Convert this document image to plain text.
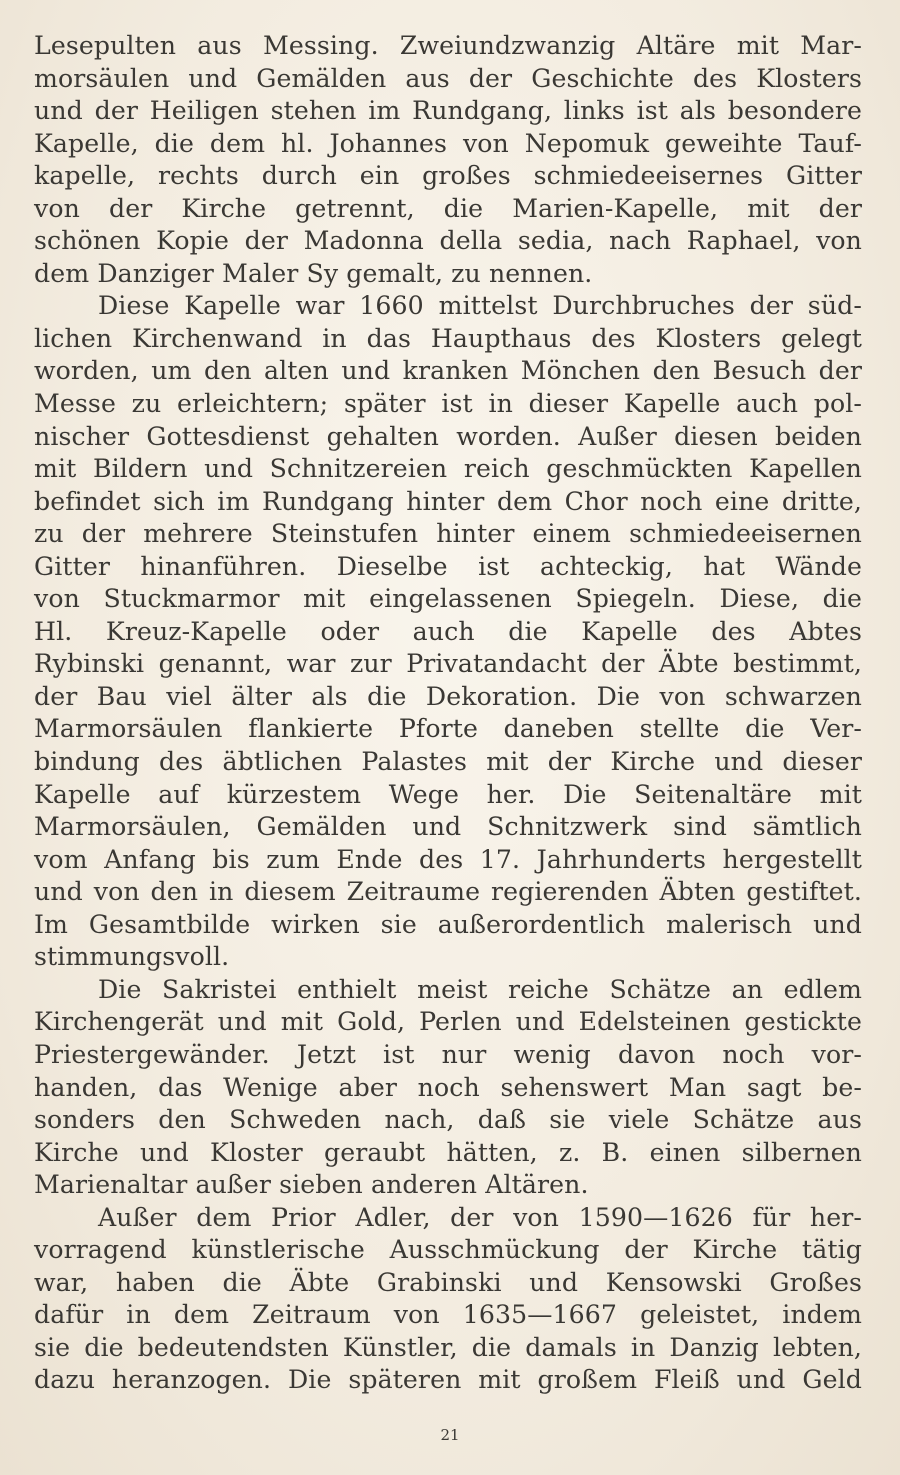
Lesepulten aus Messing. Zweiundzwanzig Altäre mit Mar-
morsäulen und Gemälden aus der Geschichte des Klosters
und der Heiligen stehen im Rundgang, links ist als besondere
Kapelle, die dem hl. Johannes von Nepomuk geweihte Tauf-
kapelle, rechts durch ein großes schmiedeeisernes Gitter
von der Kirche getrennt, die Marien-Kapelle, mit der
schönen Kopie der Madonna della sedia, nach Raphael, von
dem Danziger Maler Sy gemalt, zu nennen.
Diese Kapelle war 1660 mittelst Durchbruches der süd-
lichen Kirchenwand in das Haupthaus des Klosters gelegt
worden, um den alten und kranken Mönchen den Besuch der
Messe zu erleichtern; später ist in dieser Kapelle auch pol-
nischer Gottesdienst gehalten worden. Außer diesen beiden
mit Bildern und Schnitzereien reich geschmückten Kapellen
befindet sich im Rundgang hinter dem Chor noch eine dritte,
zu der mehrere Steinstufen hinter einem schmiedeeisernen
Gitter hinanführen. Dieselbe ist achteckig, hat Wände
von Stuckmarmor mit eingelassenen Spiegeln. Diese, die
Hl. Kreuz-Kapelle oder auch die Kapelle des Abtes
Rybinski genannt, war zur Privatandacht der Äbte bestimmt,
der Bau viel älter als die Dekoration. Die von schwarzen
Marmorsäulen flankierte Pforte daneben stellte die Ver-
bindung des äbtlichen Palastes mit der Kirche und dieser
Kapelle auf kürzestem Wege her. Die Seitenaltäre mit
Marmorsäulen, Gemälden und Schnitzwerk sind sämtlich
vom Anfang bis zum Ende des 17. Jahrhunderts hergestellt
und von den in diesem Zeitraume regierenden Äbten gestiftet.
Im Gesamtbilde wirken sie außerordentlich malerisch und
stimmungsvoll.
Die Sakristei enthielt meist reiche Schätze an edlem
Kirchengerät und mit Gold, Perlen und Edelsteinen gestickte
Priestergewänder. Jetzt ist nur wenig davon noch vor-
handen, das Wenige aber noch sehenswert Man sagt be-
sonders den Schweden nach, daß sie viele Schätze aus
Kirche und Kloster geraubt hätten, z. B. einen silbernen
Marienaltar außer sieben anderen Altären.
Außer dem Prior Adler, der von 1590—1626 für her-
vorragend künstlerische Ausschmückung der Kirche tätig
war, haben die Äbte Grabinski und Kensowski Großes
dafür in dem Zeitraum von 1635—1667 geleistet, indem
sie die bedeutendsten Künstler, die damals in Danzig lebten,
dazu heranzogen. Die späteren mit großem Fleiß und Geld
21
